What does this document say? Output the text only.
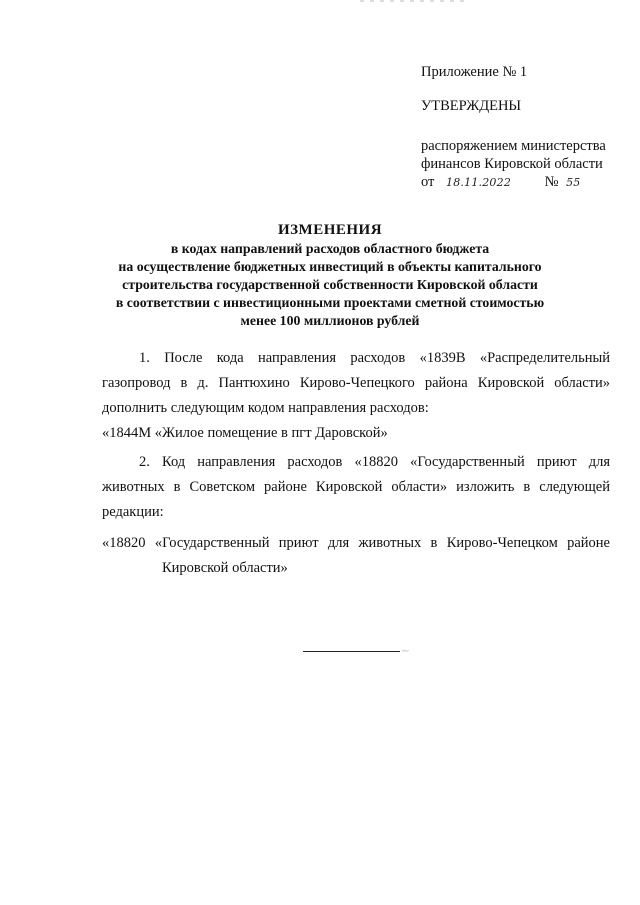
Приложение № 1
УТВЕРЖДЕНЫ
распоряжением министерства
финансов Кировской области
от 18.11.2022 № 55
ИЗМЕНЕНИЯ
в кодах направлений расходов областного бюджета
на осуществление бюджетных инвестиций в объекты капитального
строительства государственной собственности Кировской области
в соответствии с инвестиционными проектами сметной стоимостью
менее 100 миллионов рублей

1. После кода направления расходов «1839В «Распределительный газопровод в д. Пантюхино Кирово-Чепецкого района Кировской области» дополнить следующим кодом направления расходов:

«1844М «Жилое помещение в пгт Даровской»

2. Код направления расходов «18820 «Государственный приют для животных в Советском районе Кировской области» изложить в следующей редакции:

«18820 «Государственный приют для животных в Кирово-Чепецком районе

Кировской области»

~~
